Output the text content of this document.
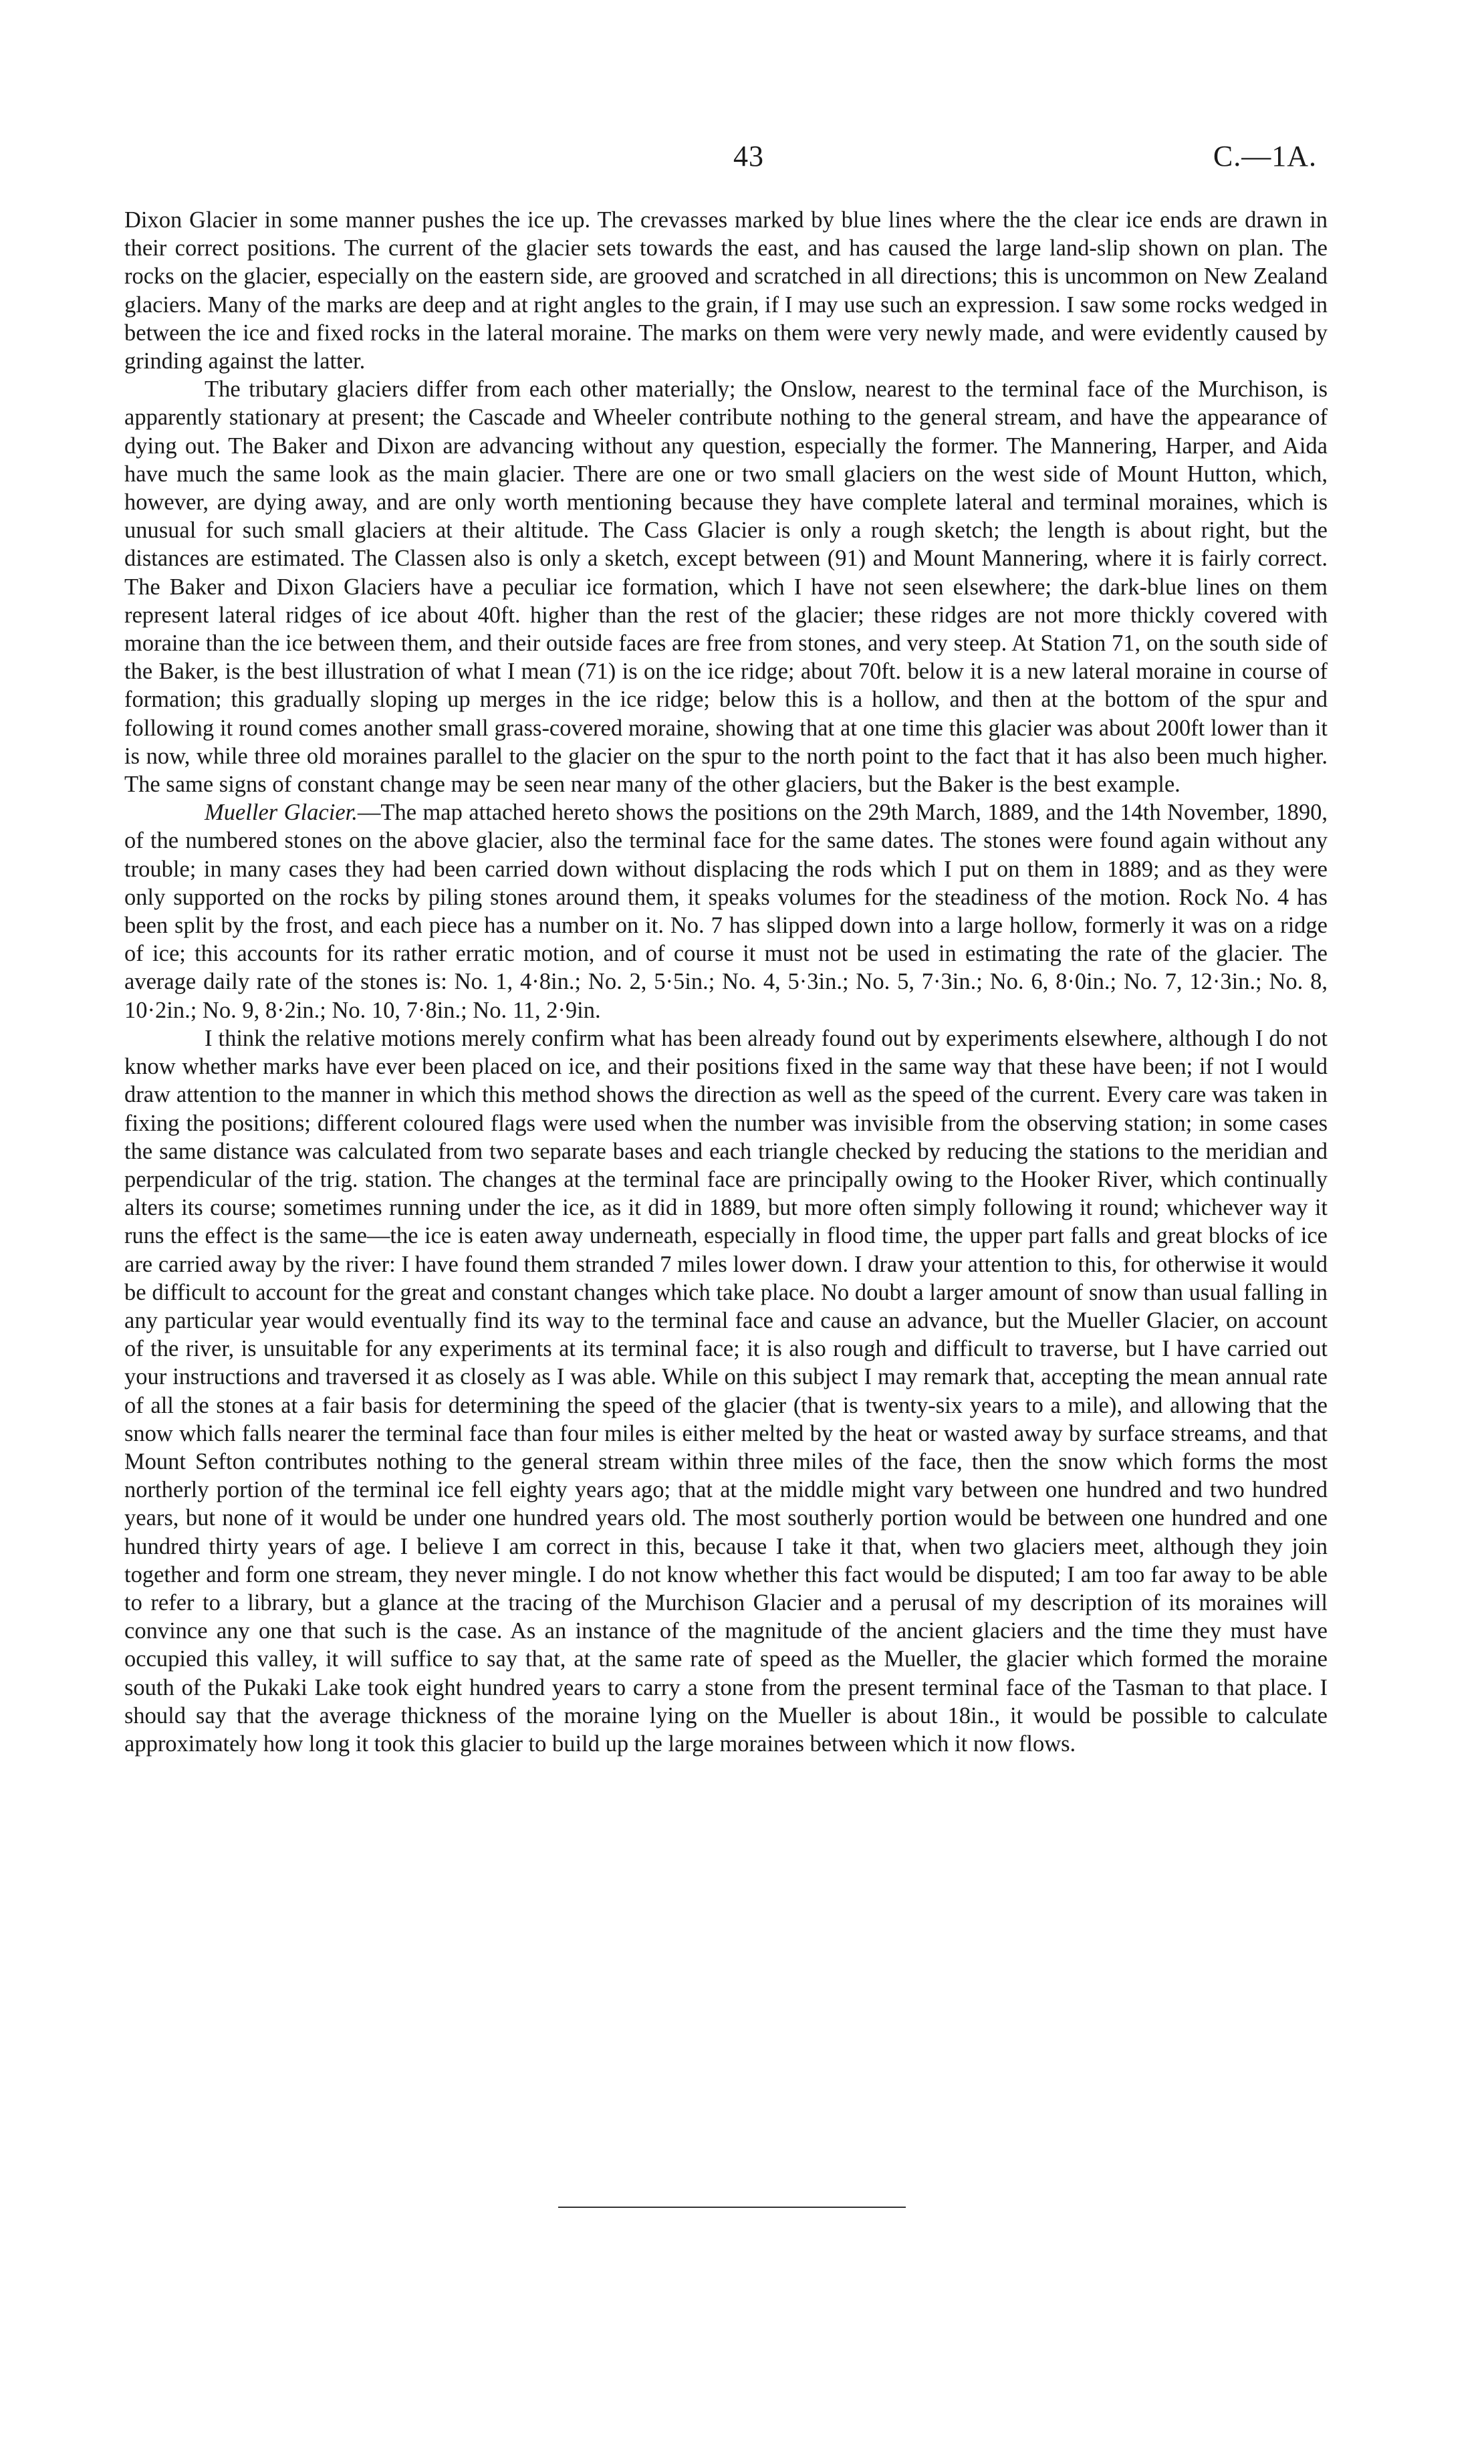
43	C.—1A.

Dixon Glacier in some manner pushes the ice up. The crevasses marked by blue lines where the the clear ice ends are drawn in their correct positions. The current of the glacier sets towards the east, and has caused the large land-slip shown on plan. The rocks on the glacier, especially on the eastern side, are grooved and scratched in all directions; this is uncommon on New Zealand glaciers. Many of the marks are deep and at right angles to the grain, if I may use such an expression. I saw some rocks wedged in between the ice and fixed rocks in the lateral moraine. The marks on them were very newly made, and were evidently caused by grinding against the latter.

The tributary glaciers differ from each other materially; the Onslow, nearest to the terminal face of the Murchison, is apparently stationary at present; the Cascade and Wheeler contribute nothing to the general stream, and have the appearance of dying out. The Baker and Dixon are advancing without any question, especially the former. The Mannering, Harper, and Aida have much the same look as the main glacier. There are one or two small glaciers on the west side of Mount Hutton, which, however, are dying away, and are only worth mentioning because they have complete lateral and terminal moraines, which is unusual for such small glaciers at their altitude. The Cass Glacier is only a rough sketch; the length is about right, but the distances are estimated. The Classen also is only a sketch, except between (91) and Mount Mannering, where it is fairly correct. The Baker and Dixon Glaciers have a peculiar ice formation, which I have not seen elsewhere; the dark-blue lines on them represent lateral ridges of ice about 40ft. higher than the rest of the glacier; these ridges are not more thickly covered with moraine than the ice between them, and their outside faces are free from stones, and very steep. At Station 71, on the south side of the Baker, is the best illustration of what I mean (71) is on the ice ridge; about 70ft. below it is a new lateral moraine in course of formation; this gradually sloping up merges in the ice ridge; below this is a hollow, and then at the bottom of the spur and following it round comes another small grass-covered moraine, showing that at one time this glacier was about 200ft lower than it is now, while three old moraines parallel to the glacier on the spur to the north point to the fact that it has also been much higher. The same signs of constant change may be seen near many of the other glaciers, but the Baker is the best example.

Mueller Glacier.—The map attached hereto shows the positions on the 29th March, 1889, and the 14th November, 1890, of the numbered stones on the above glacier, also the terminal face for the same dates. The stones were found again without any trouble; in many cases they had been carried down without displacing the rods which I put on them in 1889; and as they were only supported on the rocks by piling stones around them, it speaks volumes for the steadiness of the motion. Rock No. 4 has been split by the frost, and each piece has a number on it. No. 7 has slipped down into a large hollow, formerly it was on a ridge of ice; this accounts for its rather erratic motion, and of course it must not be used in estimating the rate of the glacier. The average daily rate of the stones is: No. 1, 4·8in.; No. 2, 5·5in.; No. 4, 5·3in.; No. 5, 7·3in.; No. 6, 8·0in.; No. 7, 12·3in.; No. 8, 10·2in.; No. 9, 8·2in.; No. 10, 7·8in.; No. 11, 2·9in.

I think the relative motions merely confirm what has been already found out by experiments elsewhere, although I do not know whether marks have ever been placed on ice, and their positions fixed in the same way that these have been; if not I would draw attention to the manner in which this method shows the direction as well as the speed of the current. Every care was taken in fixing the positions; different coloured flags were used when the number was invisible from the observing station; in some cases the same distance was calculated from two separate bases and each triangle checked by reducing the stations to the meridian and perpendicular of the trig. station. The changes at the terminal face are principally owing to the Hooker River, which continually alters its course; sometimes running under the ice, as it did in 1889, but more often simply following it round; whichever way it runs the effect is the same—the ice is eaten away underneath, especially in flood time, the upper part falls and great blocks of ice are carried away by the river: I have found them stranded 7 miles lower down. I draw your attention to this, for otherwise it would be difficult to account for the great and constant changes which take place. No doubt a larger amount of snow than usual falling in any particular year would eventually find its way to the terminal face and cause an advance, but the Mueller Glacier, on account of the river, is unsuitable for any experiments at its terminal face; it is also rough and difficult to traverse, but I have carried out your instructions and traversed it as closely as I was able. While on this subject I may remark that, accepting the mean annual rate of all the stones at a fair basis for determining the speed of the glacier (that is twenty-six years to a mile), and allowing that the snow which falls nearer the terminal face than four miles is either melted by the heat or wasted away by surface streams, and that Mount Sefton contributes nothing to the general stream within three miles of the face, then the snow which forms the most northerly portion of the terminal ice fell eighty years ago; that at the middle might vary between one hundred and two hundred years, but none of it would be under one hundred years old. The most southerly portion would be between one hundred and one hundred thirty years of age. I believe I am correct in this, because I take it that, when two glaciers meet, although they join together and form one stream, they never mingle. I do not know whether this fact would be disputed; I am too far away to be able to refer to a library, but a glance at the tracing of the Murchison Glacier and a perusal of my description of its moraines will convince any one that such is the case. As an instance of the magnitude of the ancient glaciers and the time they must have occupied this valley, it will suffice to say that, at the same rate of speed as the Mueller, the glacier which formed the moraine south of the Pukaki Lake took eight hundred years to carry a stone from the present terminal face of the Tasman to that place. I should say that the average thickness of the moraine lying on the Mueller is about 18in., it would be possible to calculate approximately how long it took this glacier to build up the large moraines between which it now flows.
